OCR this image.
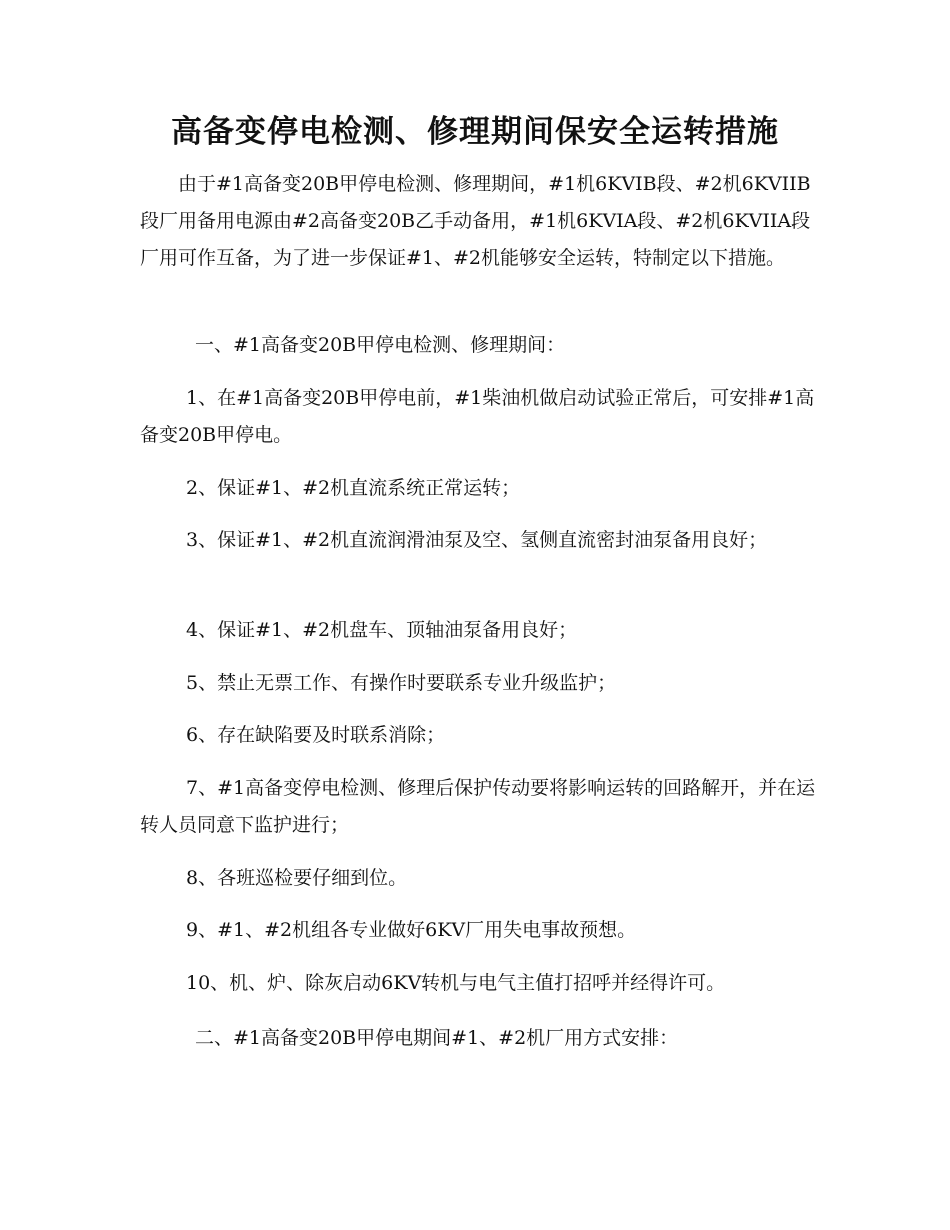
高备变停电检测、修理期间保安全运转措施

由于#1高备变20B甲停电检测、修理期间，#1机6KVIB段、#2机6KVIIB段厂用备用电源由#2高备变20B乙手动备用，#1机6KVIA段、#2机6KVIIA段厂用可作互备，为了进一步保证#1、#2机能够安全运转，特制定以下措施。

一、#1高备变20B甲停电检测、修理期间：

1、在#1高备变20B甲停电前，#1柴油机做启动试验正常后，可安排#1高备变20B甲停电。

2、保证#1、#2机直流系统正常运转；

3、保证#1、#2机直流润滑油泵及空、氢侧直流密封油泵备用良好；

4、保证#1、#2机盘车、顶轴油泵备用良好；

5、禁止无票工作、有操作时要联系专业升级监护；

6、存在缺陷要及时联系消除；

7、#1高备变停电检测、修理后保护传动要将影响运转的回路解开，并在运转人员同意下监护进行；

8、各班巡检要仔细到位。

9、#1、#2机组各专业做好6KV厂用失电事故预想。

10、机、炉、除灰启动6KV转机与电气主值打招呼并经得许可。

二、#1高备变20B甲停电期间#1、#2机厂用方式安排：
